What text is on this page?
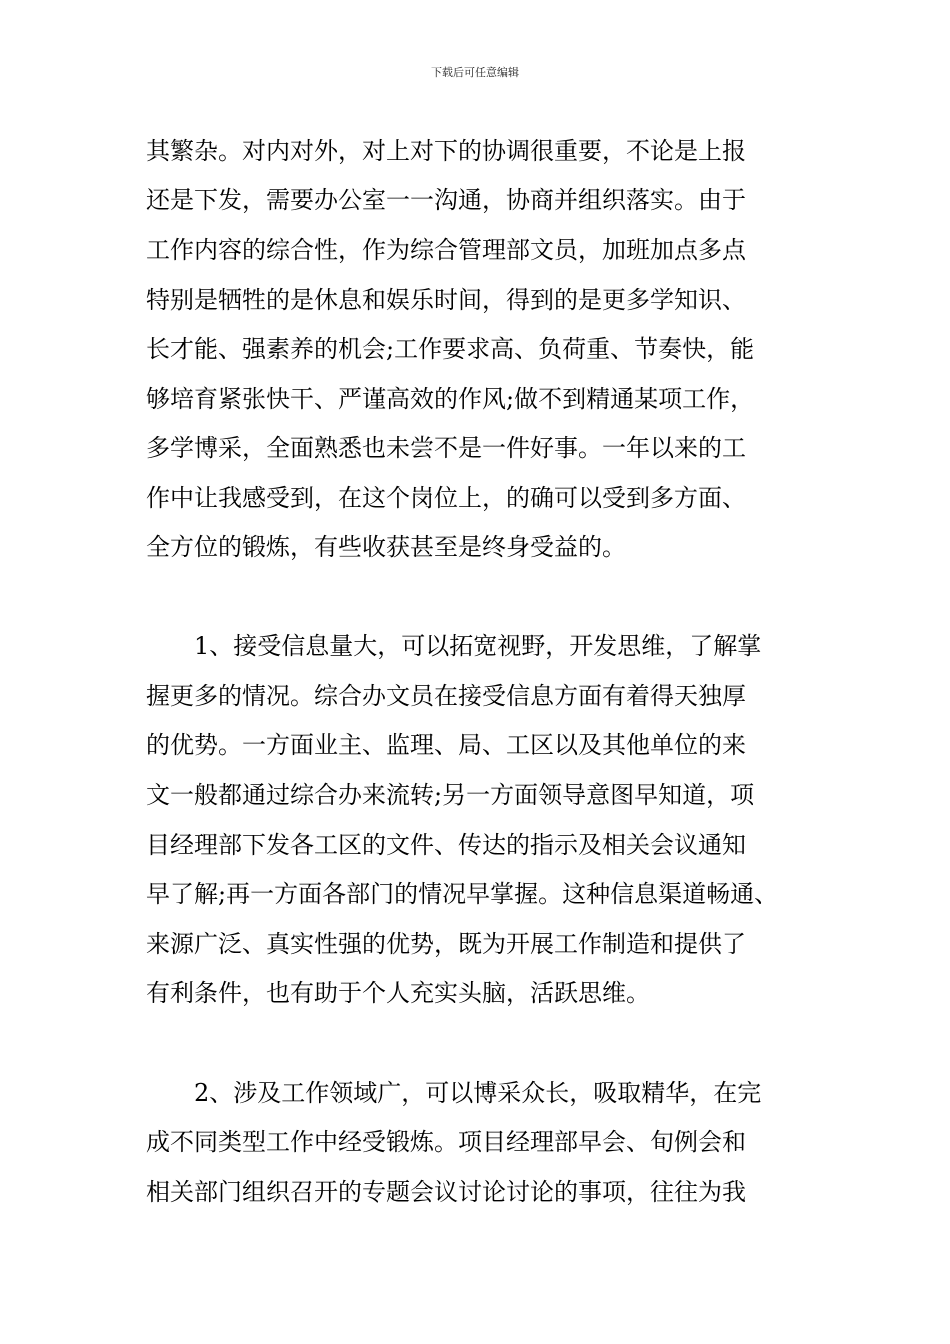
下载后可任意编辑
其繁杂。对内对外，对上对下的协调很重要，不论是上报
还是下发，需要办公室一一沟通，协商并组织落实。由于
工作内容的综合性，作为综合管理部文员，加班加点多点
特别是牺牲的是休息和娱乐时间，得到的是更多学知识、
长才能、强素养的机会;工作要求高、负荷重、节奏快，能
够培育紧张快干、严谨高效的作风;做不到精通某项工作，
多学博采，全面熟悉也未尝不是一件好事。一年以来的工
作中让我感受到，在这个岗位上，的确可以受到多方面、
全方位的锻炼，有些收获甚至是终身受益的。
1、接受信息量大，可以拓宽视野，开发思维，了解掌
握更多的情况。综合办文员在接受信息方面有着得天独厚
的优势。一方面业主、监理、局、工区以及其他单位的来
文一般都通过综合办来流转;另一方面领导意图早知道，项
目经理部下发各工区的文件、传达的指示及相关会议通知
早了解;再一方面各部门的情况早掌握。这种信息渠道畅通、
来源广泛、真实性强的优势，既为开展工作制造和提供了
有利条件，也有助于个人充实头脑，活跃思维。
2、涉及工作领域广，可以博采众长，吸取精华，在完
成不同类型工作中经受锻炼。项目经理部早会、旬例会和
相关部门组织召开的专题会议讨论讨论的事项，往往为我
